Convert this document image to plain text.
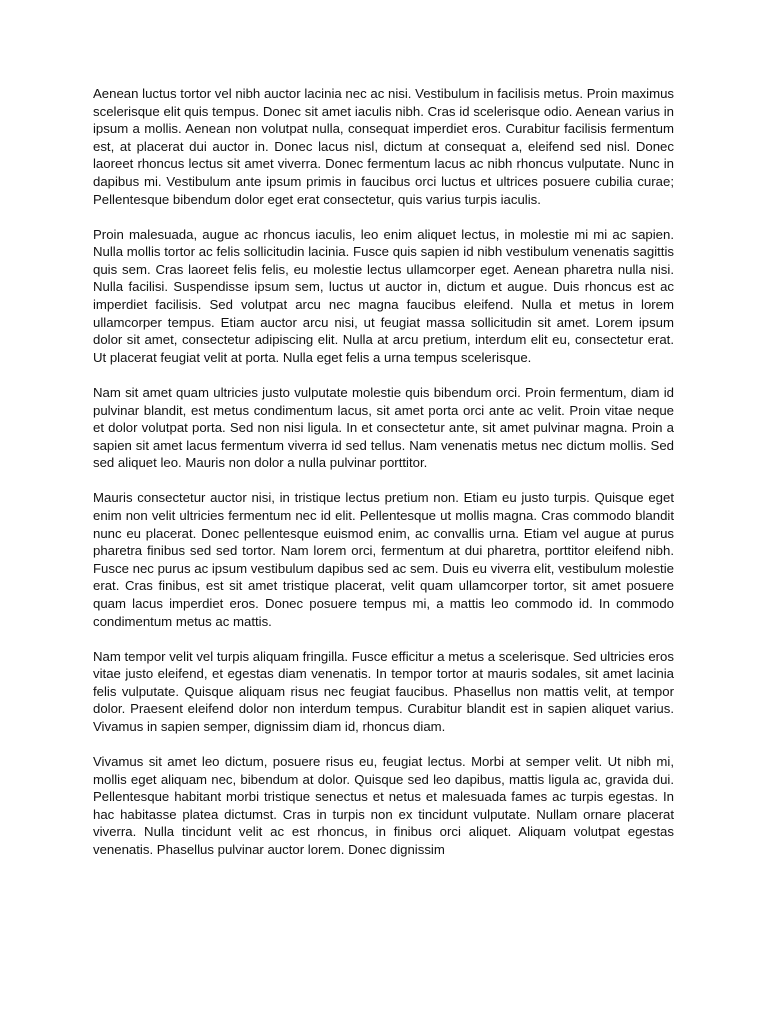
Aenean luctus tortor vel nibh auctor lacinia nec ac nisi. Vestibulum in facilisis metus. Proin maximus scelerisque elit quis tempus. Donec sit amet iaculis nibh. Cras id scelerisque odio. Aenean varius in ipsum a mollis. Aenean non volutpat nulla, consequat imperdiet eros. Curabitur facilisis fermentum est, at placerat dui auctor in. Donec lacus nisl, dictum at consequat a, eleifend sed nisl. Donec laoreet rhoncus lectus sit amet viverra. Donec fermentum lacus ac nibh rhoncus vulputate. Nunc in dapibus mi. Vestibulum ante ipsum primis in faucibus orci luctus et ultrices posuere cubilia curae; Pellentesque bibendum dolor eget erat consectetur, quis varius turpis iaculis.

Proin malesuada, augue ac rhoncus iaculis, leo enim aliquet lectus, in molestie mi mi ac sapien. Nulla mollis tortor ac felis sollicitudin lacinia. Fusce quis sapien id nibh vestibulum venenatis sagittis quis sem. Cras laoreet felis felis, eu molestie lectus ullamcorper eget. Aenean pharetra nulla nisi. Nulla facilisi. Suspendisse ipsum sem, luctus ut auctor in, dictum et augue. Duis rhoncus est ac imperdiet facilisis. Sed volutpat arcu nec magna faucibus eleifend. Nulla et metus in lorem ullamcorper tempus. Etiam auctor arcu nisi, ut feugiat massa sollicitudin sit amet. Lorem ipsum dolor sit amet, consectetur adipiscing elit. Nulla at arcu pretium, interdum elit eu, consectetur erat. Ut placerat feugiat velit at porta. Nulla eget felis a urna tempus scelerisque.

Nam sit amet quam ultricies justo vulputate molestie quis bibendum orci. Proin fermentum, diam id pulvinar blandit, est metus condimentum lacus, sit amet porta orci ante ac velit. Proin vitae neque et dolor volutpat porta. Sed non nisi ligula. In et consectetur ante, sit amet pulvinar magna. Proin a sapien sit amet lacus fermentum viverra id sed tellus. Nam venenatis metus nec dictum mollis. Sed sed aliquet leo. Mauris non dolor a nulla pulvinar porttitor.

Mauris consectetur auctor nisi, in tristique lectus pretium non. Etiam eu justo turpis. Quisque eget enim non velit ultricies fermentum nec id elit. Pellentesque ut mollis magna. Cras commodo blandit nunc eu placerat. Donec pellentesque euismod enim, ac convallis urna. Etiam vel augue at purus pharetra finibus sed sed tortor. Nam lorem orci, fermentum at dui pharetra, porttitor eleifend nibh. Fusce nec purus ac ipsum vestibulum dapibus sed ac sem. Duis eu viverra elit, vestibulum molestie erat. Cras finibus, est sit amet tristique placerat, velit quam ullamcorper tortor, sit amet posuere quam lacus imperdiet eros. Donec posuere tempus mi, a mattis leo commodo id. In commodo condimentum metus ac mattis.

Nam tempor velit vel turpis aliquam fringilla. Fusce efficitur a metus a scelerisque. Sed ultricies eros vitae justo eleifend, et egestas diam venenatis. In tempor tortor at mauris sodales, sit amet lacinia felis vulputate. Quisque aliquam risus nec feugiat faucibus. Phasellus non mattis velit, at tempor dolor. Praesent eleifend dolor non interdum tempus. Curabitur blandit est in sapien aliquet varius. Vivamus in sapien semper, dignissim diam id, rhoncus diam.

Vivamus sit amet leo dictum, posuere risus eu, feugiat lectus. Morbi at semper velit. Ut nibh mi, mollis eget aliquam nec, bibendum at dolor. Quisque sed leo dapibus, mattis ligula ac, gravida dui. Pellentesque habitant morbi tristique senectus et netus et malesuada fames ac turpis egestas. In hac habitasse platea dictumst. Cras in turpis non ex tincidunt vulputate. Nullam ornare placerat viverra. Nulla tincidunt velit ac est rhoncus, in finibus orci aliquet. Aliquam volutpat egestas venenatis. Phasellus pulvinar auctor lorem. Donec dignissim
